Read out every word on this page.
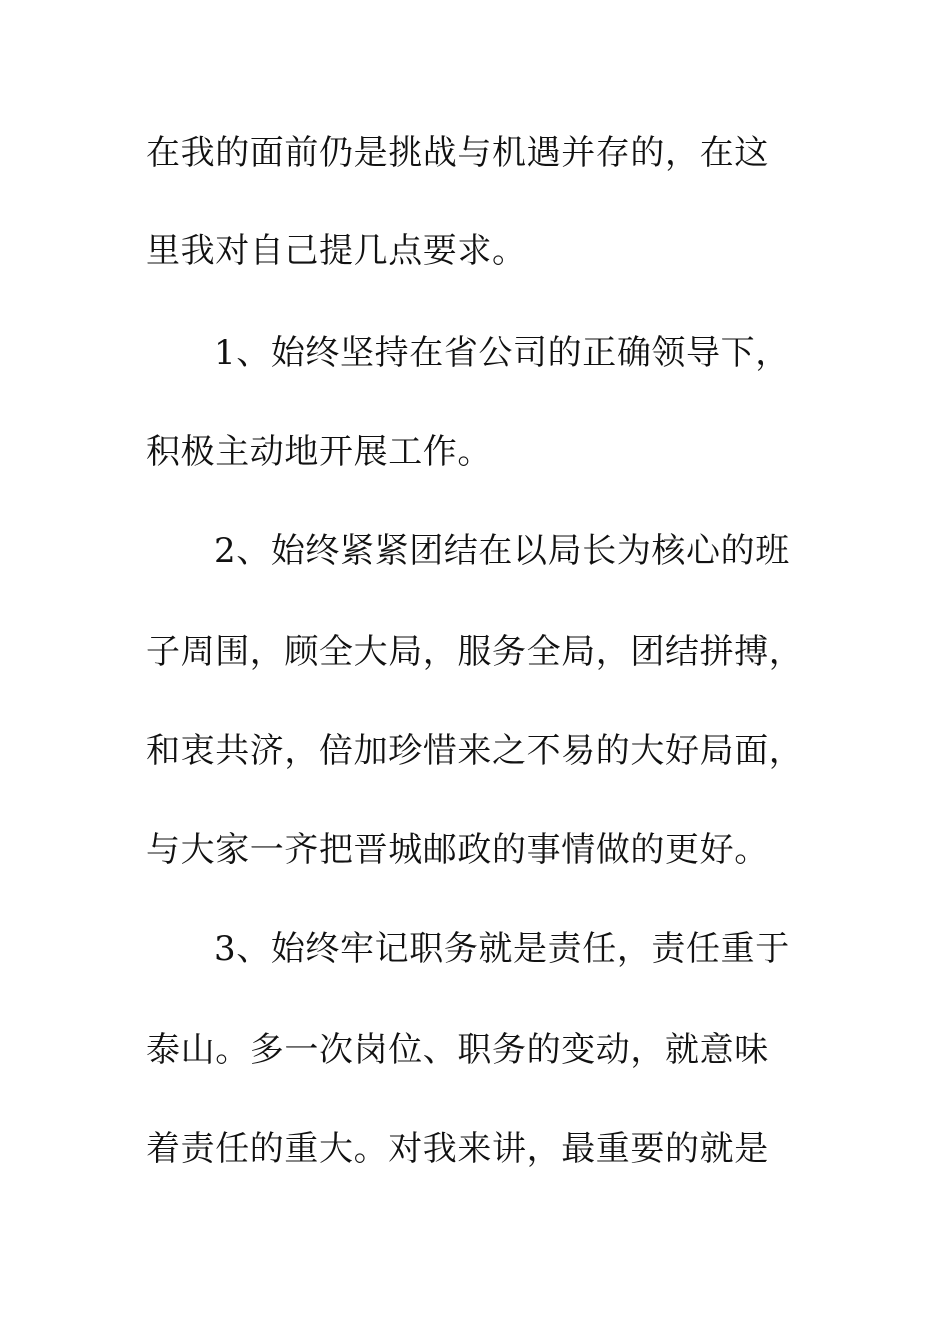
在我的面前仍是挑战与机遇并存的，在这
里我对自己提几点要求。
1、始终坚持在省公司的正确领导下，
积极主动地开展工作。
2、始终紧紧团结在以局长为核心的班
子周围，顾全大局，服务全局，团结拼搏，
和衷共济，倍加珍惜来之不易的大好局面，
与大家一齐把晋城邮政的事情做的更好。
3、始终牢记职务就是责任，责任重于
泰山。多一次岗位、职务的变动，就意味
着责任的重大。对我来讲，最重要的就是
